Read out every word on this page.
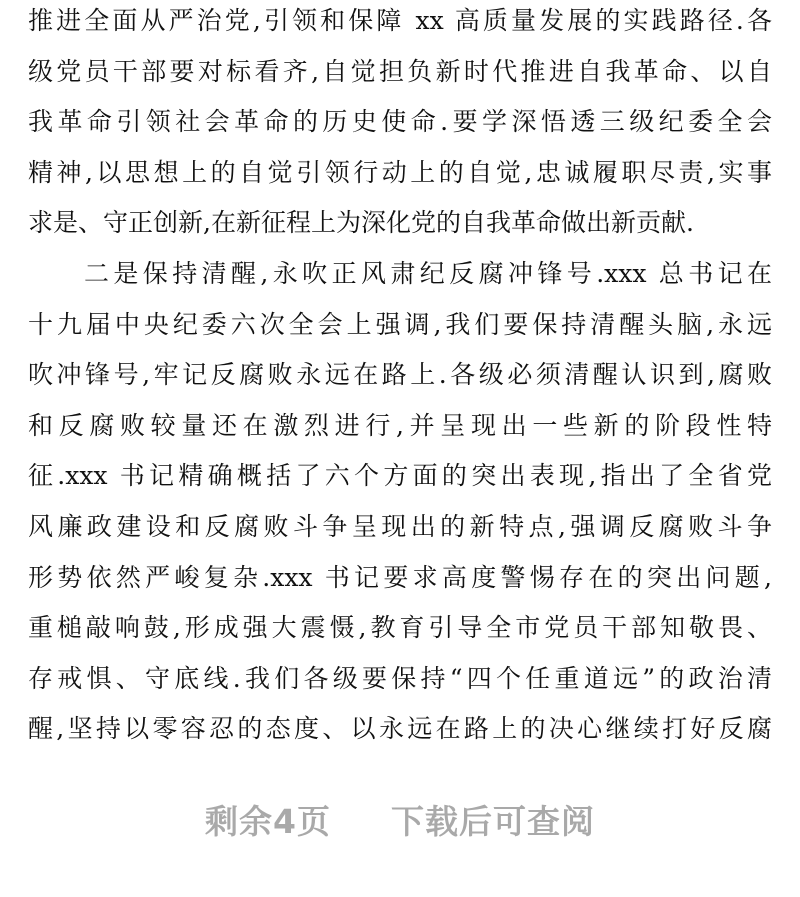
推进全面从严治党,引领和保障 xx 高质量发展的实践路径.各
级党员干部要对标看齐,自觉担负新时代推进自我革命、以自
我革命引领社会革命的历史使命.要学深悟透三级纪委全会
精神,以思想上的自觉引领行动上的自觉,忠诚履职尽责,实事
求是、守正创新,在新征程上为深化党的自我革命做出新贡献.
二是保持清醒,永吹正风肃纪反腐冲锋号.xxx 总书记在
十九届中央纪委六次全会上强调,我们要保持清醒头脑,永远
吹冲锋号,牢记反腐败永远在路上.各级必须清醒认识到,腐败
和反腐败较量还在激烈进行,并呈现出一些新的阶段性特
征.xxx 书记精确概括了六个方面的突出表现,指出了全省党
风廉政建设和反腐败斗争呈现出的新特点,强调反腐败斗争
形势依然严峻复杂.xxx 书记要求高度警惕存在的突出问题,
重槌敲响鼓,形成强大震慑,教育引导全市党员干部知敬畏、
存戒惧、守底线.我们各级要保持“四个任重道远”的政治清
醒,坚持以零容忍的态度、以永远在路上的决心继续打好反腐
剩余4页 下载后可查阅
